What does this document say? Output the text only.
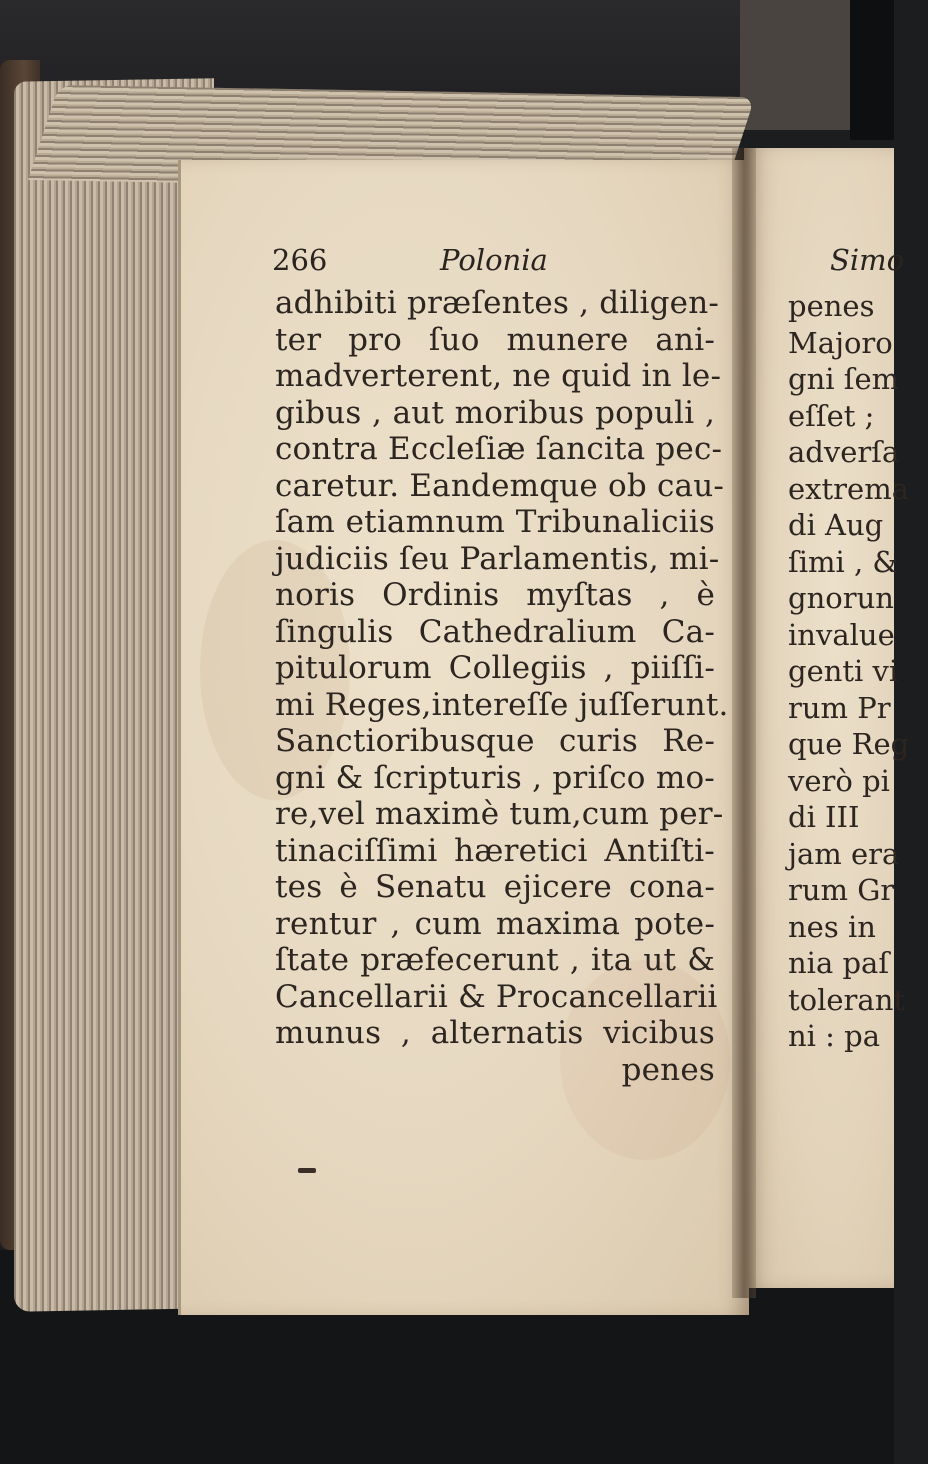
266	Polonia	Simo
adhibiti præſentes , diligen-
ter pro ſuo munere ani-
madverterent, ne quid in le-
gibus , aut moribus populi ,
contra Eccleſiæ ſancita pec-
caretur. Eandemque ob cau-
ſam etiamnum Tribunaliciis
judiciis ſeu Parlamentis, mi-
noris Ordinis myſtas , è
ſingulis Cathedralium Ca-
pitulorum Collegiis , piiſſi-
mi Reges,intereſſe juſſerunt.
Sanctioribusque curis Re-
gni & ſcripturis , priſco mo-
re,vel maximè tum,cum per-
tinaciſſimi hæretici Antiſti-
tes è Senatu ejicere cona-
rentur , cum maxima pote-
ſtate præfecerunt , ita ut &
Cancellarii & Procancellarii
munus , alternatis vicibus
penes
penes
Majoro
gni ſem
eſſet ;
adverſa
extrema
di Aug
ſimi , &
gnorun
invalue
genti vi
rum Pr
que Reg
verò pi
di III
jam era
rum Gr
nes in
nia paſ
tolerant
ni : pa
